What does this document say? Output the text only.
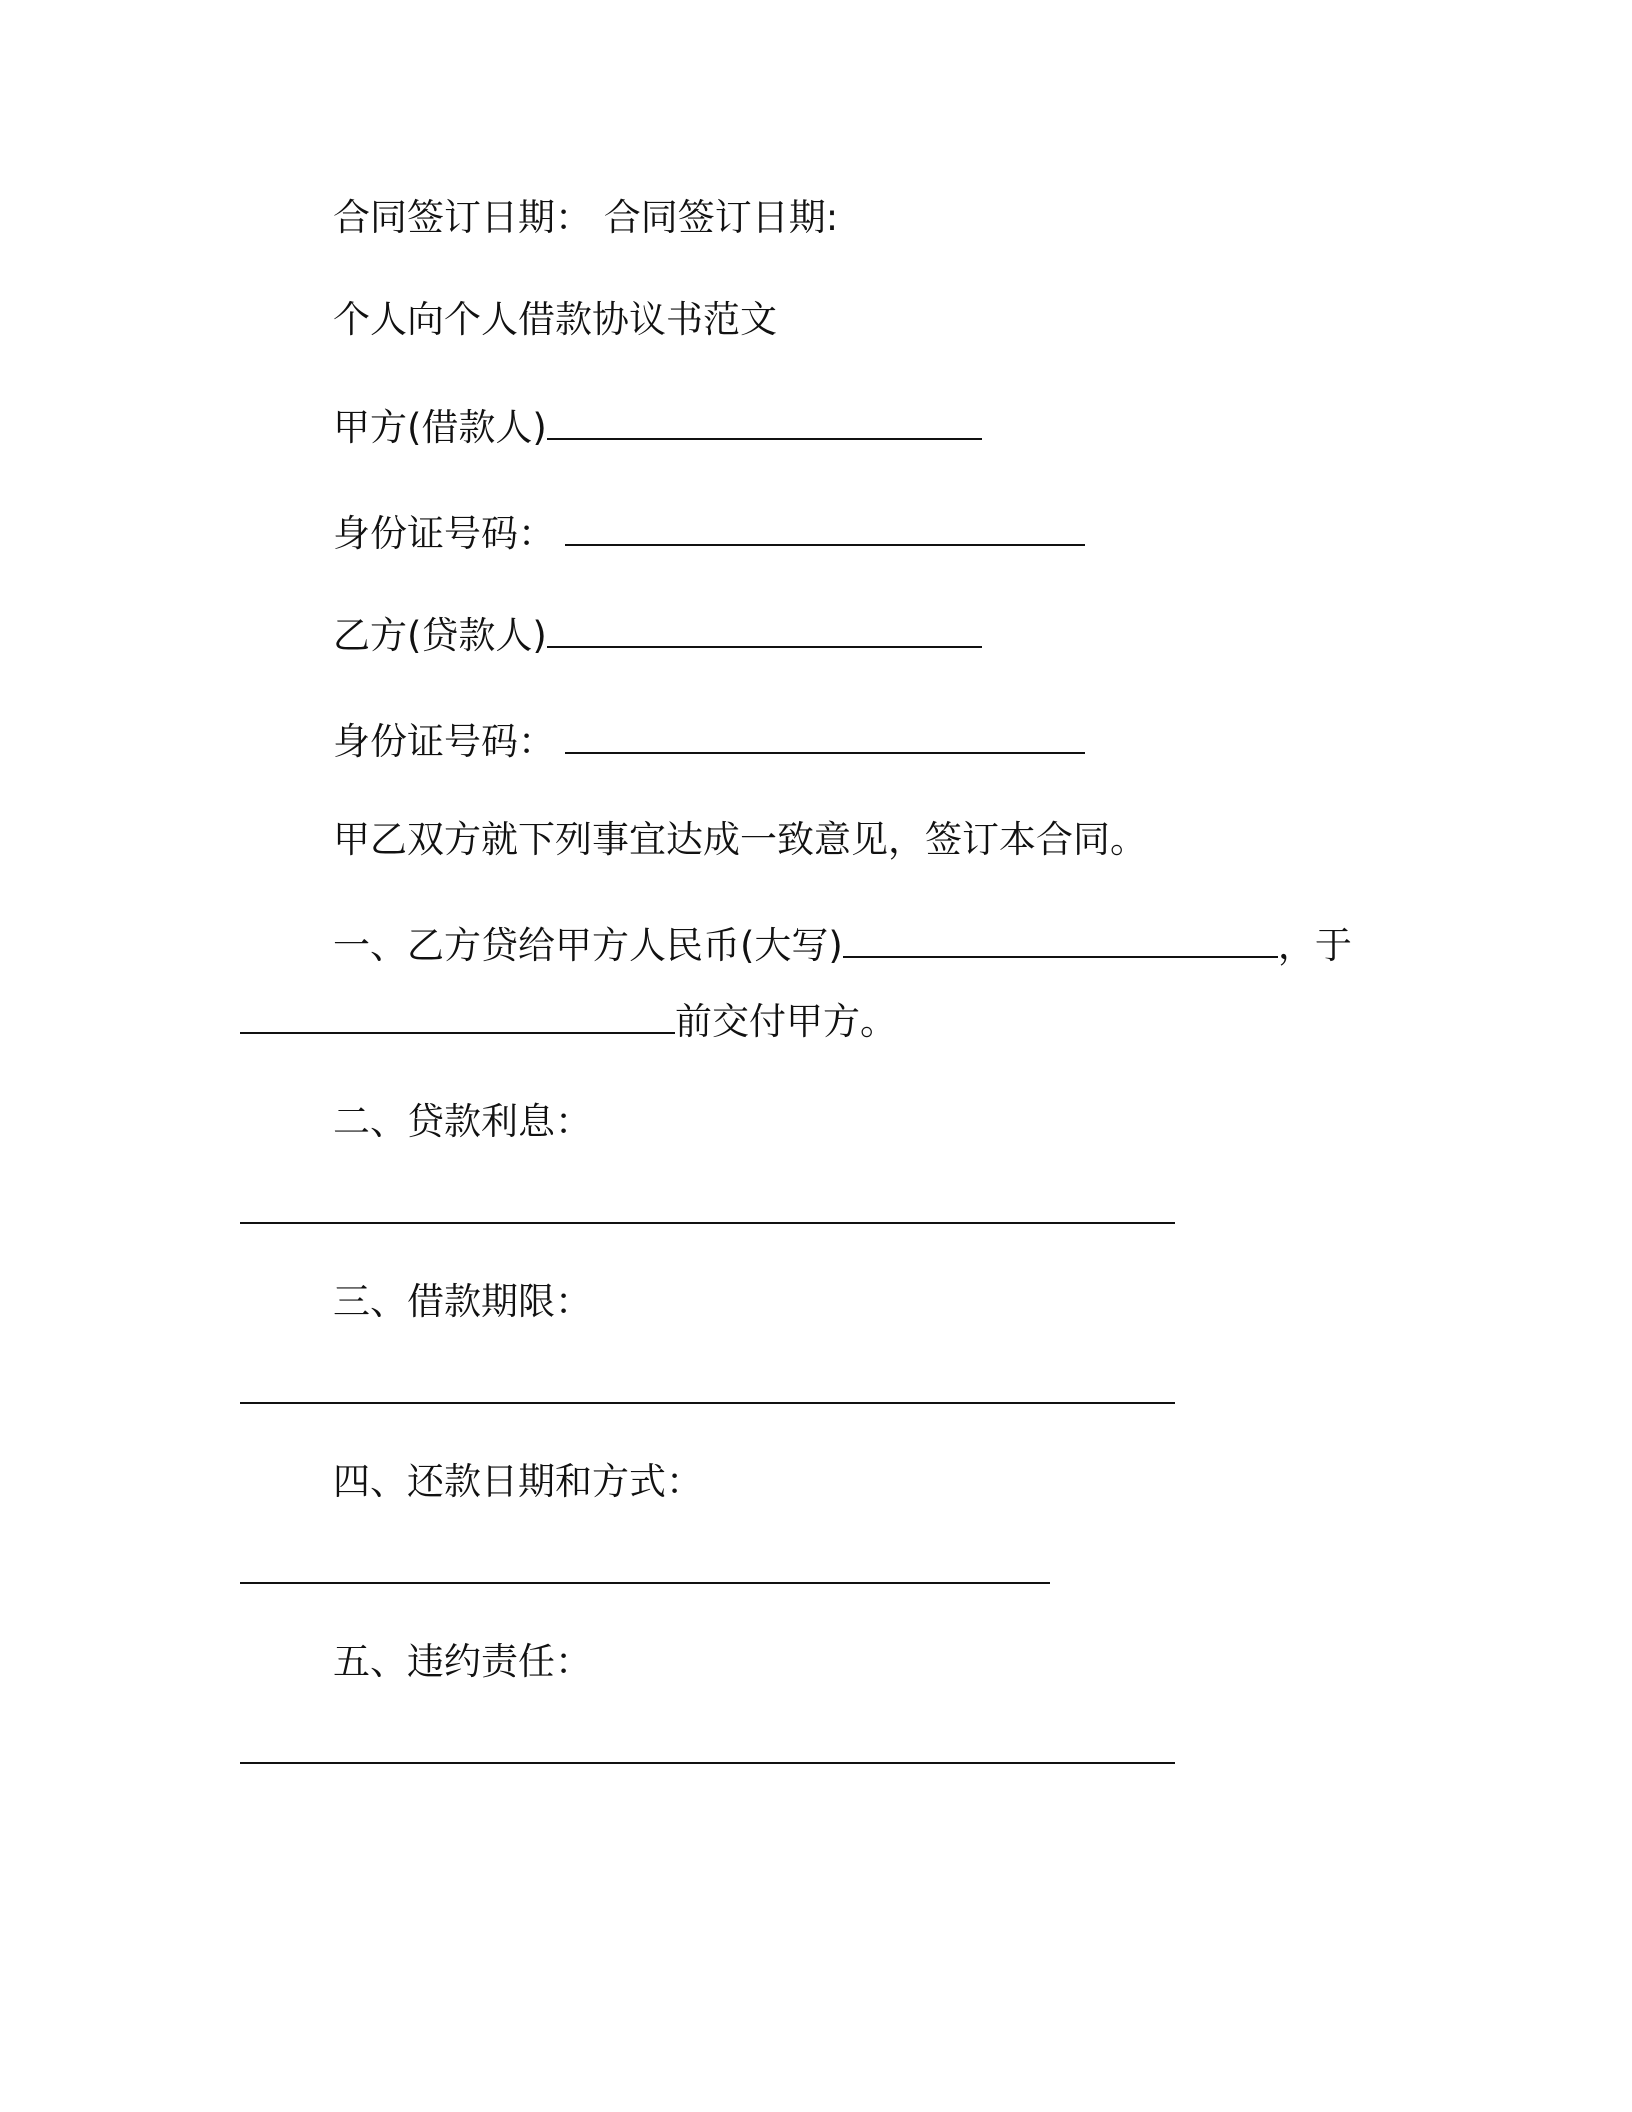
合同签订日期： 合同签订日期:
个人向个人借款协议书范文
甲方(借款人)
身份证号码：
乙方(贷款人)
身份证号码：
甲乙双方就下列事宜达成一致意见，签订本合同。
一、乙方贷给甲方人民币(大写)	，于
前交付甲方。
二、贷款利息：
三、借款期限：
四、还款日期和方式：
五、违约责任：
